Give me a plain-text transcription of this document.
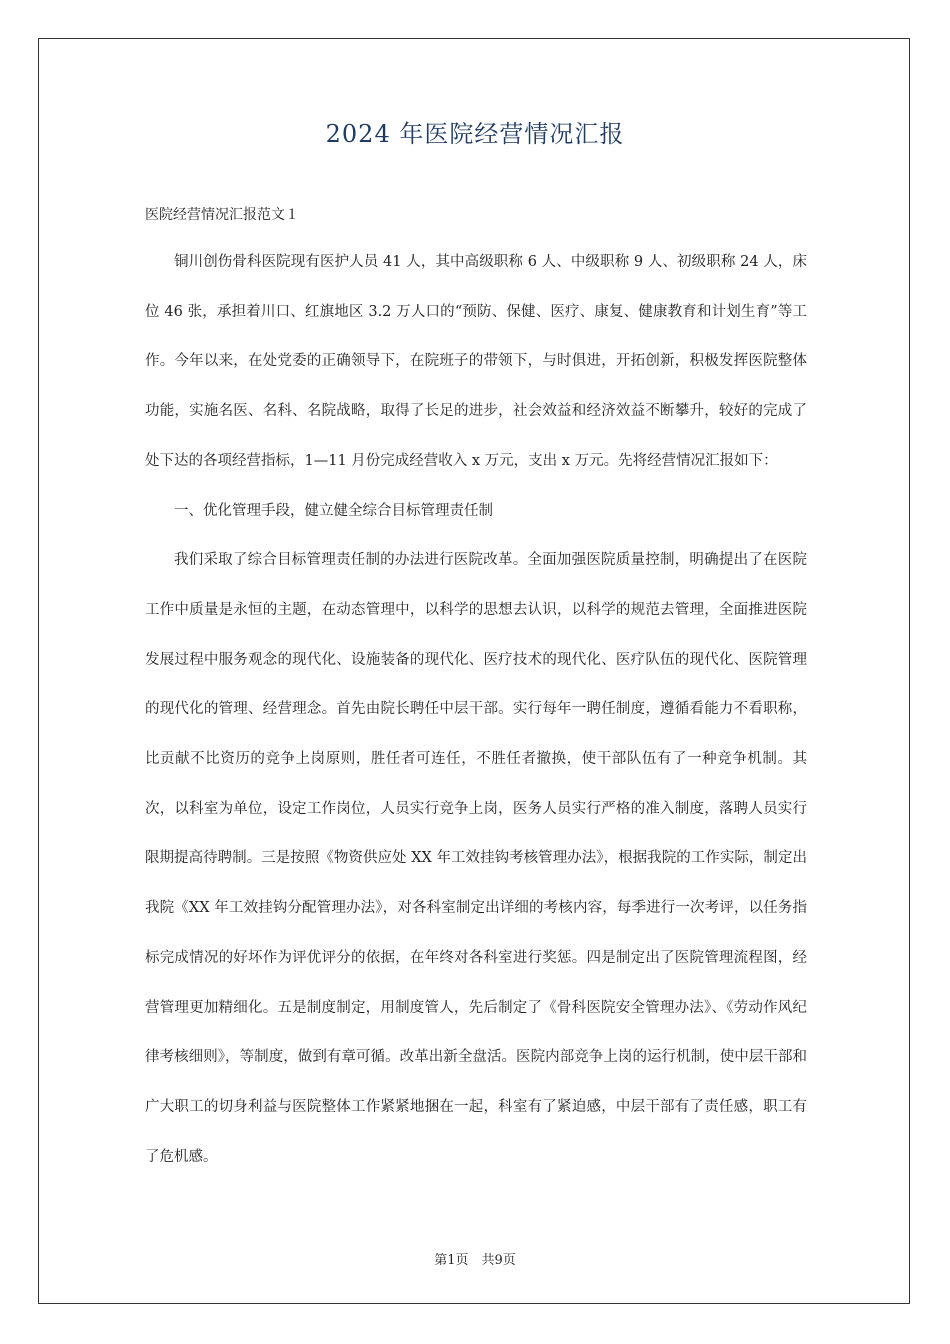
2024 年医院经营情况汇报
医院经营情况汇报范文１

铜川创伤骨科医院现有医护人员 41 人，其中高级职称 6 人、中级职称 9 人、初级职称 24 人，床位 46 张，承担着川口、红旗地区 3.2 万人口的“预防、保健、医疗、康复、健康教育和计划生育”等工作。今年以来，在处党委的正确领导下，在院班子的带领下，与时俱进，开拓创新，积极发挥医院整体功能，实施名医、名科、名院战略，取得了长足的进步，社会效益和经济效益不断攀升，较好的完成了处下达的各项经营指标，1—11 月份完成经营收入 x 万元，支出 x 万元。先将经营情况汇报如下：

一、优化管理手段，健立健全综合目标管理责任制

我们采取了综合目标管理责任制的办法进行医院改革。全面加强医院质量控制，明确提出了在医院工作中质量是永恒的主题，在动态管理中，以科学的思想去认识，以科学的规范去管理，全面推进医院发展过程中服务观念的现代化、设施装备的现代化、医疗技术的现代化、医疗队伍的现代化、医院管理的现代化的管理、经营理念。首先由院长聘任中层干部。实行每年一聘任制度，遵循看能力不看职称，比贡献不比资历的竞争上岗原则，胜任者可连任，不胜任者撤换，使干部队伍有了一种竞争机制。其次，以科室为单位，设定工作岗位，人员实行竞争上岗，医务人员实行严格的准入制度，落聘人员实行限期提高待聘制。三是按照《物资供应处 XX 年工效挂钩考核管理办法》，根据我院的工作实际，制定出我院《XX 年工效挂钩分配管理办法》，对各科室制定出详细的考核内容，每季进行一次考评，以任务指标完成情况的好坏作为评优评分的依据，在年终对各科室进行奖惩。四是制定出了医院管理流程图，经营管理更加精细化。五是制度制定，用制度管人，先后制定了《骨科医院安全管理办法》、《劳动作风纪律考核细则》，等制度，做到有章可循。改革出新全盘活。医院内部竞争上岗的运行机制，使中层干部和广大职工的切身利益与医院整体工作紧紧地捆在一起，科室有了紧迫感，中层干部有了责任感，职工有了危机感。

第1页　共9页
